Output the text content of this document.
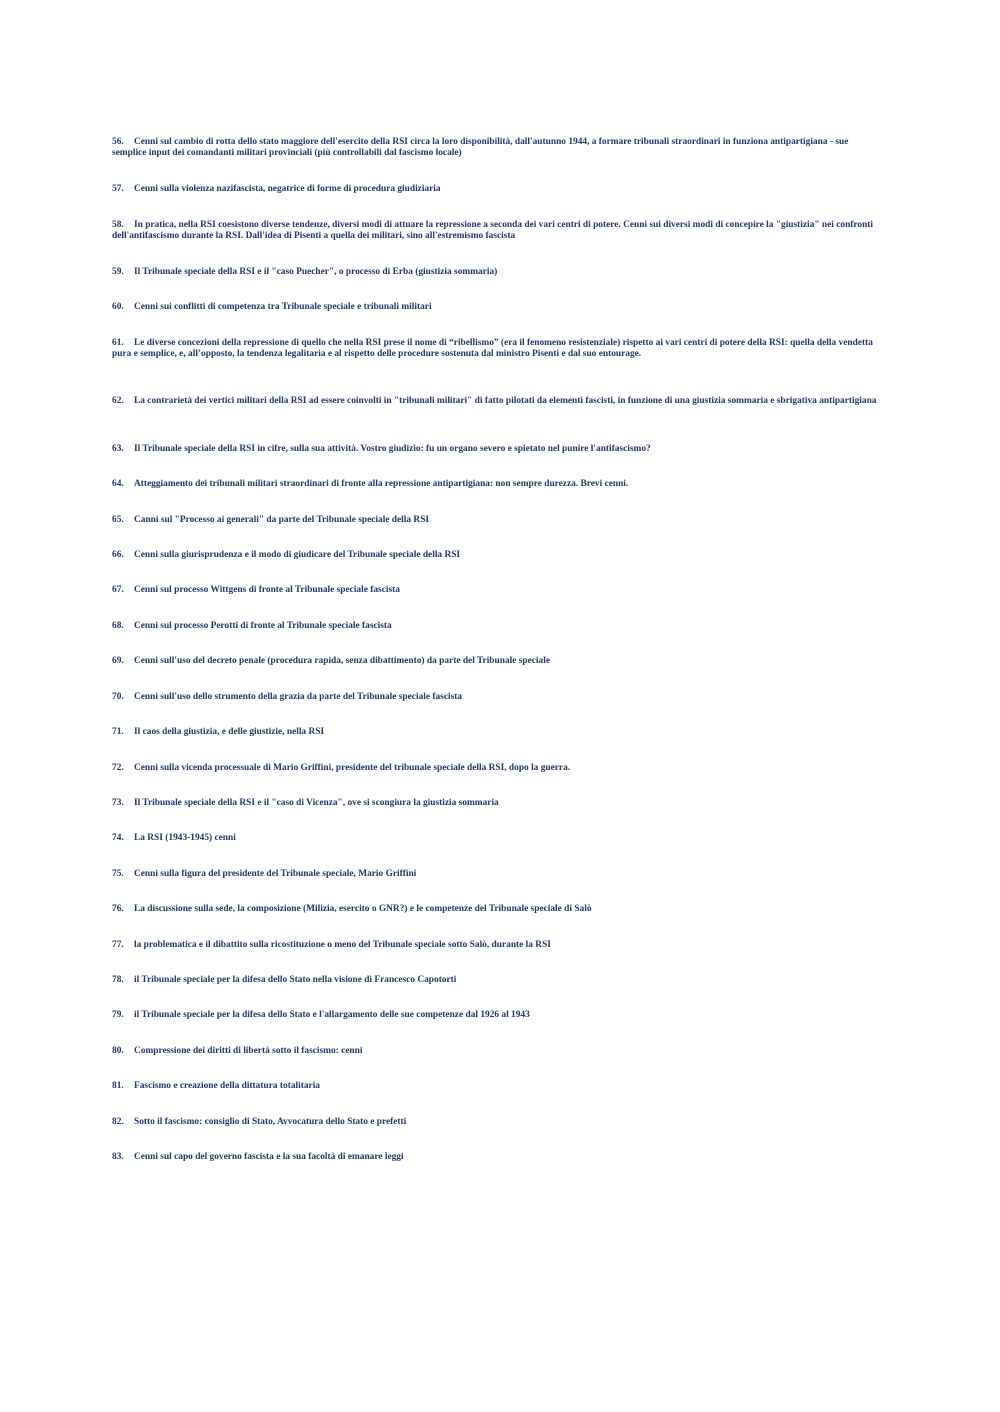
56. Cenni sul cambio di rotta dello stato maggiore dell'esercito della RSI circa la loro disponibilità, dall'autunno 1944, a formare tribunali straordinari in funziona antipartigiana - sue semplice input dei comandanti militari provinciali (più controllabili dal fascismo locale)

57. Cenni sulla violenza nazifascista, negatrice di forme di procedura giudiziaria

58. In pratica, nella RSI coesistono diverse tendenze, diversi modi di attuare la repressione a seconda dei vari centri di potere. Cenni sui diversi modi di concepire la "giustizia" nei confronti dell'antifascismo durante la RSI. Dall'idea di Pisenti a quella dei militari, sino all'estremismo fascista

59. Il Tribunale speciale della RSI e il "caso Puecher", o processo di Erba (giustizia sommaria)

60. Cenni sui conflitti di competenza tra Tribunale speciale e tribunali militari

61. Le diverse concezioni della repressione di quello che nella RSI prese il nome di “ribellismo” (era il fenomeno resistenziale) rispetto ai vari centri di potere della RSI: quella della vendetta pura e semplice, e, all’opposto, la tendenza legalitaria e al rispetto delle procedure sostenuta dal ministro Pisenti e dal suo entourage.

62. La contrarietà dei vertici militari della RSI ad essere coinvolti in "tribunali militari" di fatto pilotati da elementi fascisti, in funzione di una giustizia sommaria e sbrigativa antipartigiana

63. Il Tribunale speciale della RSI in cifre, sulla sua attività. Vostro giudizio: fu un organo severo e spietato nel punire l'antifascismo?

64. Atteggiamento dei tribunali militari straordinari di fronte alla repressione antipartigiana: non sempre durezza. Brevi cenni.

65. Canni sul "Processo ai generali" da parte del Tribunale speciale della RSI

66. Cenni sulla giurisprudenza e il modo di giudicare del Tribunale speciale della RSI

67. Cenni sul processo Wittgens di fronte al Tribunale speciale fascista

68. Cenni sul processo Perotti di fronte al Tribunale speciale fascista

69. Cenni sull'uso del decreto penale (procedura rapida, senza dibattimento) da parte del Tribunale speciale

70. Cenni sull'uso dello strumento della grazia da parte del Tribunale speciale fascista

71. Il caos della giustizia, e delle giustizie, nella RSI

72. Cenni sulla vicenda processuale di Mario Griffini, presidente del tribunale speciale della RSI, dopo la guerra.

73. Il Tribunale speciale della RSI e il "caso di Vicenza", ove si scongiura la giustizia sommaria

74. La RSI (1943-1945) cenni

75. Cenni sulla figura del presidente del Tribunale speciale, Mario Griffini

76. La discussione sulla sede, la composizione (Milizia, esercito o GNR?) e le competenze del Tribunale speciale di Salò

77. la problematica e il dibattito sulla ricostituzione o meno del Tribunale speciale sotto Salò, durante la RSI

78. il Tribunale speciale per la difesa dello Stato nella visione di Francesco Capotorti

79. il Tribunale speciale per la difesa dello Stato e l'allargamento delle sue competenze dal 1926 al 1943

80. Compressione dei diritti di libertà sotto il fascismo: cenni

81. Fascismo e creazione della dittatura totalitaria

82. Sotto il fascismo: consiglio di Stato, Avvocatura dello Stato e prefetti

83. Cenni sul capo del governo fascista e la sua facoltà di emanare leggi
